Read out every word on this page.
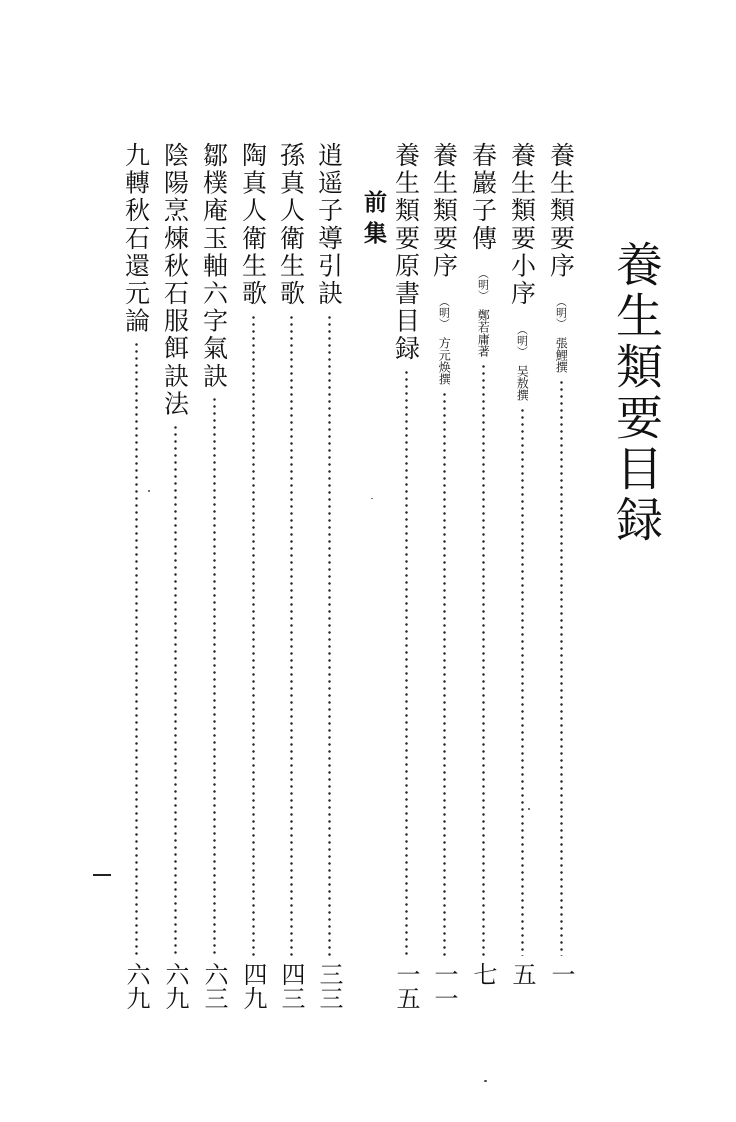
養生類要目録
養生類要序
（明）
張鯉撰
一
養生類要小序
（明）
吴敖撰
五
春巖子傳
（明）
鄭若庸著
七
養生類要序
（明）
方元焕撰
一一
養生類要原書目録
一五
前集
逍遥子導引訣
三三
孫真人衛生歌
四三
陶真人衛生歌
四九
鄒樸庵玉軸六字氣訣
六三
陰陽烹煉秋石服餌訣法
六九
九轉秋石還元論
六九
